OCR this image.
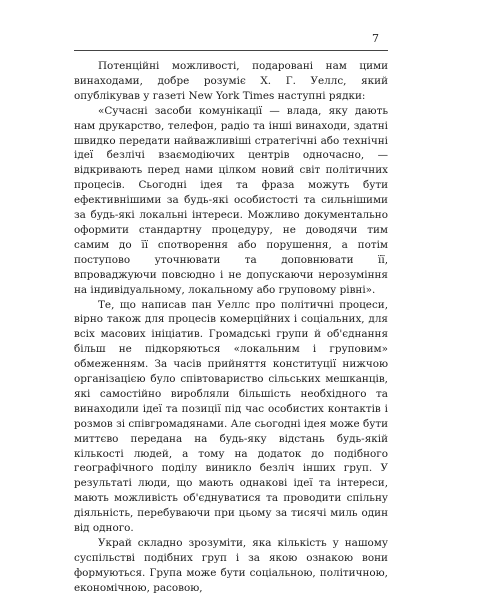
7

Потенційні можливості, подаровані нам цими винаходами, добре розуміє Х. Г. Уеллс, який опублікував у газеті New York Times наступні рядки:

«Сучасні засоби комунікації — влада, яку дають нам друкарство, телефон, радіо та інші винаходи, здатні швидко передати найважливіші стратегічні або технічні ідеї безлічі взаємодіючих центрів одночасно, — відкривають перед нами цілком новий світ політичних процесів. Сьогодні ідея та фраза можуть бути ефективнішими за будь-які особистості та сильнішими за будь-які локальні інтереси. Можливо документально оформити стандартну процедуру, не доводячи тим самим до її спотворення або порушення, а потім поступово уточнювати та доповнювати її, впроваджуючи повсюдно і не допускаючи нерозуміння на індивідуальному, локальному або груповому рівні».

Те, що написав пан Уеллс про політичні процеси, вірно також для процесів комерційних і соціальних, для всіх масових ініціатив. Громадські групи й об'єднання більш не підкоряються «локальним і груповим» обмеженням. За часів прийняття конституції нижчою організацією було співтовариство сільських мешканців, які самостійно виробляли більшість необхідного та винаходили ідеї та позиції під час особистих контактів і розмов зі співгромадянами. Але сьогодні ідея може бути миттєво передана на будь-яку відстань будь-якій кількості людей, а тому на додаток до подібного географічного поділу виникло безліч інших груп. У результаті люди, що мають однакові ідеї та інтереси, мають можливість об'єднуватися та проводити спільну діяльність, перебуваючи при цьому за тисячі миль один від одного.

Украй складно зрозуміти, яка кількість у нашому суспільстві подібних груп і за якою ознакою вони формуються. Група може бути соціальною, політичною, економічною, расовою,
